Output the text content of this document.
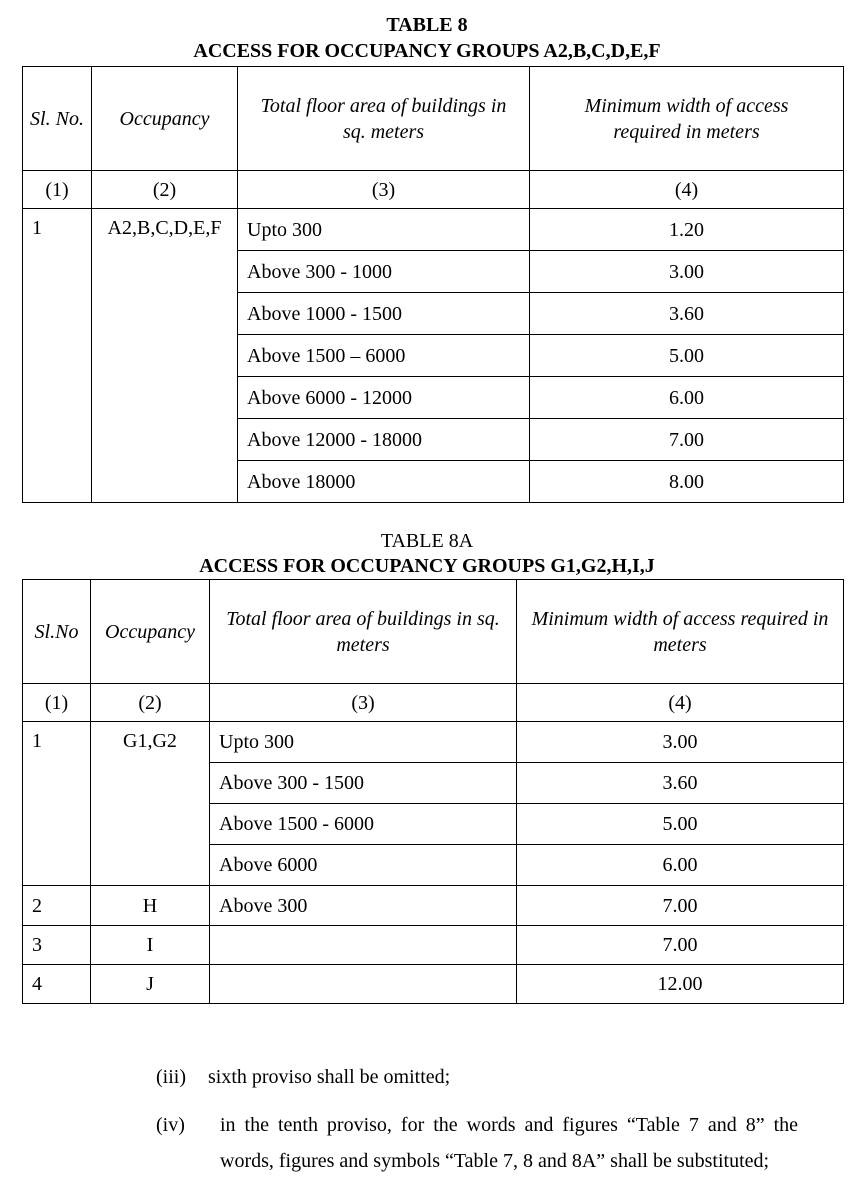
TABLE 8
ACCESS FOR OCCUPANCY GROUPS A2,B,C,D,E,F
Sl. No.	Occupancy	Total floor area of buildings in sq. meters	Minimum width of access required in meters
(1)	(2)	(3)	(4)
1	A2,B,C,D,E,F	Upto 300	1.20
		Above 300 - 1000	3.00
		Above 1000 - 1500	3.60
		Above 1500 – 6000	5.00
		Above 6000 - 12000	6.00
		Above 12000 - 18000	7.00
		Above 18000	8.00
TABLE 8A
ACCESS FOR OCCUPANCY GROUPS G1,G2,H,I,J
Sl.No	Occupancy	Total floor area of buildings in sq. meters	Minimum width of access required in meters
(1)	(2)	(3)	(4)
1	G1,G2	Upto 300	3.00
		Above 300 - 1500	3.60
		Above 1500 - 6000	5.00
		Above 6000	6.00
2	H	Above 300	7.00
3	I		7.00
4	J		12.00
(iii) sixth proviso shall be omitted;
(iv) in the tenth proviso, for the words and figures “Table 7 and 8” the words, figures and symbols “Table 7, 8 and 8A” shall be substituted;
